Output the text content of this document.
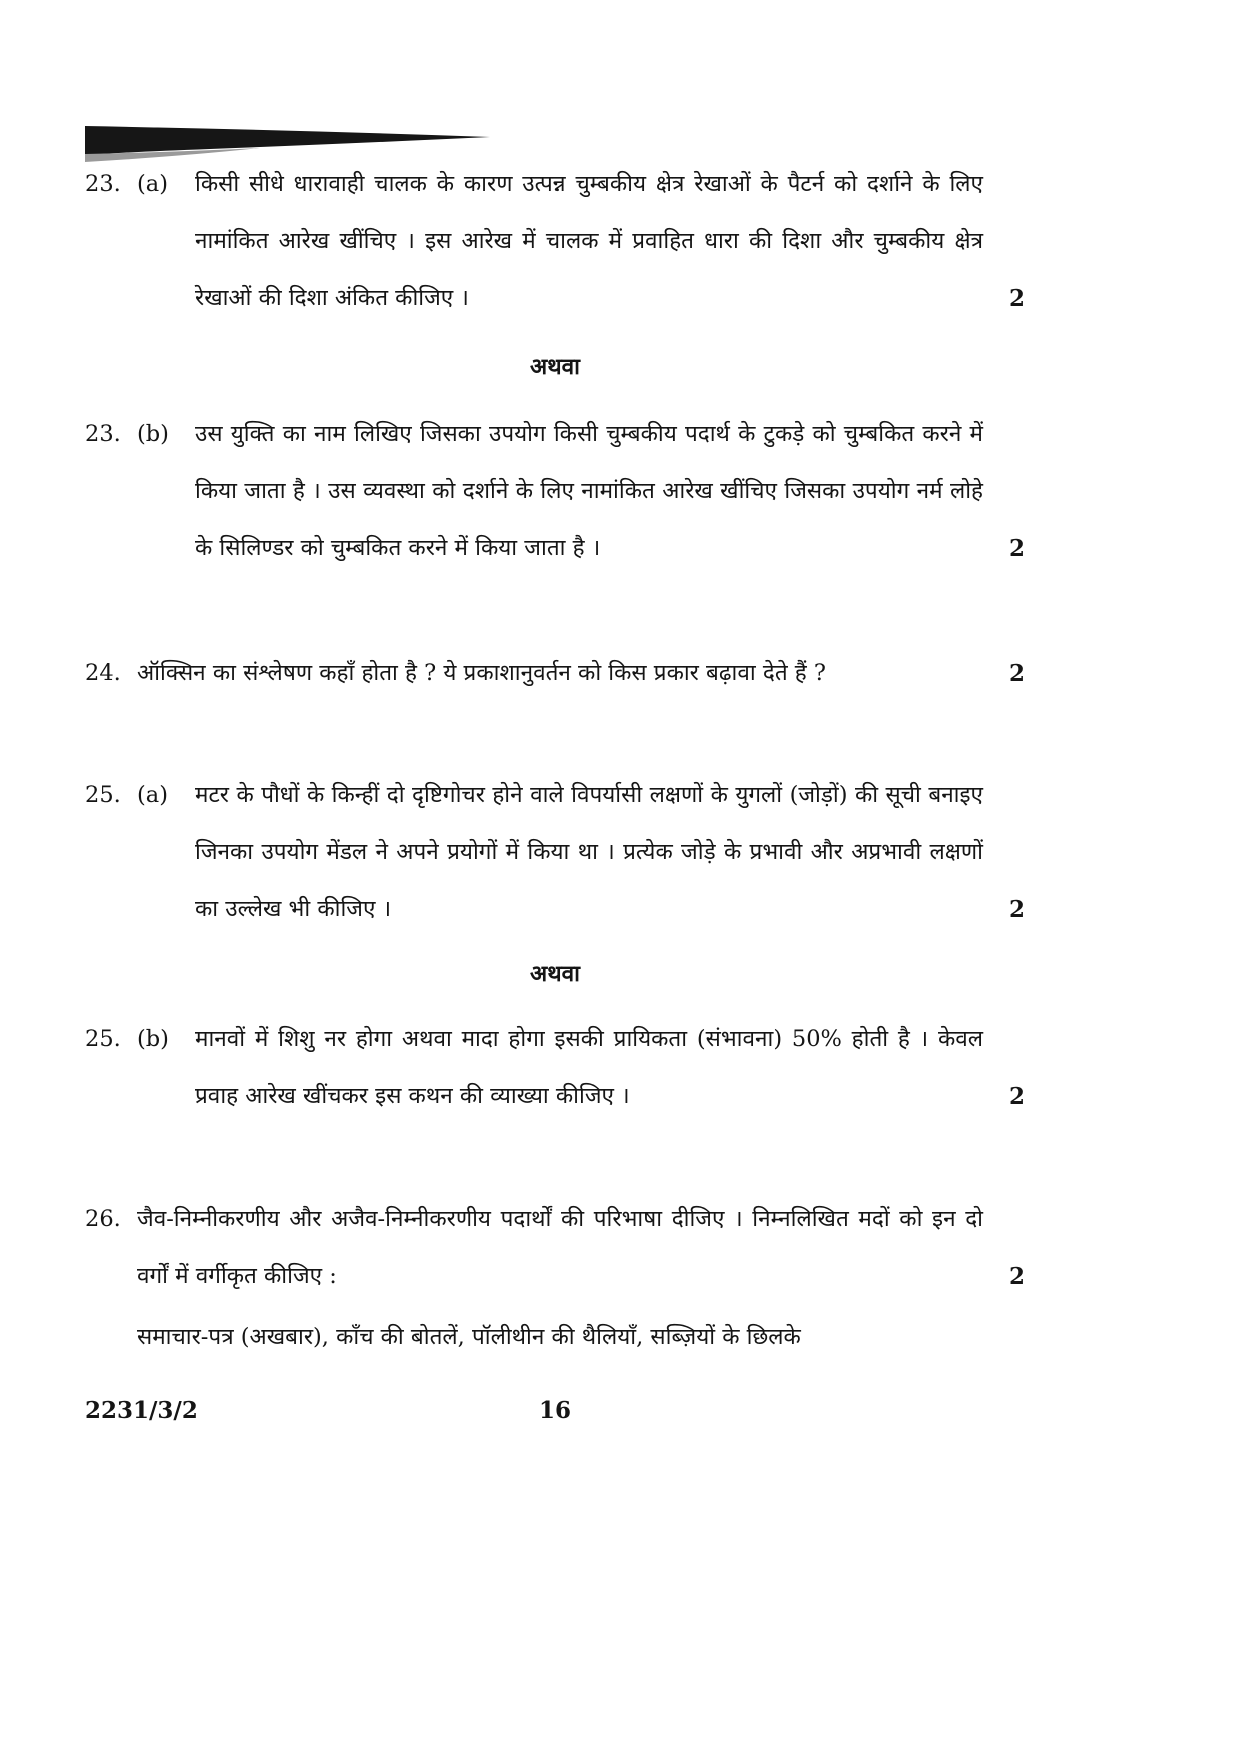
23. (a)	किसी सीधे धारावाही चालक के कारण उत्पन्न चुम्बकीय क्षेत्र रेखाओं के पैटर्न को दर्शाने के लिए नामांकित आरेख खींचिए । इस आरेख में चालक में प्रवाहित धारा की दिशा और चुम्बकीय क्षेत्र रेखाओं की दिशा अंकित कीजिए ।	2
अथवा
23. (b)	उस युक्ति का नाम लिखिए जिसका उपयोग किसी चुम्बकीय पदार्थ के टुकड़े को चुम्बकित करने में किया जाता है । उस व्यवस्था को दर्शाने के लिए नामांकित आरेख खींचिए जिसका उपयोग नर्म लोहे के सिलिण्डर को चुम्बकित करने में किया जाता है ।	2
24. ऑक्सिन का संश्लेषण कहाँ होता है ? ये प्रकाशानुवर्तन को किस प्रकार बढ़ावा देते हैं ?	2
25. (a)	मटर के पौधों के किन्हीं दो दृष्टिगोचर होने वाले विपर्यासी लक्षणों के युगलों (जोड़ों) की सूची बनाइए जिनका उपयोग मेंडल ने अपने प्रयोगों में किया था । प्रत्येक जोड़े के प्रभावी और अप्रभावी लक्षणों का उल्लेख भी कीजिए ।	2
अथवा
25. (b)	मानवों में शिशु नर होगा अथवा मादा होगा इसकी प्रायिकता (संभावना) 50% होती है । केवल प्रवाह आरेख खींचकर इस कथन की व्याख्या कीजिए ।	2
26. जैव-निम्नीकरणीय और अजैव-निम्नीकरणीय पदार्थों की परिभाषा दीजिए । निम्नलिखित मदों को इन दो वर्गों में वर्गीकृत कीजिए :	2
समाचार-पत्र (अखबार), काँच की बोतलें, पॉलीथीन की थैलियाँ, सब्ज़ियों के छिलके
2231/3/2	16
